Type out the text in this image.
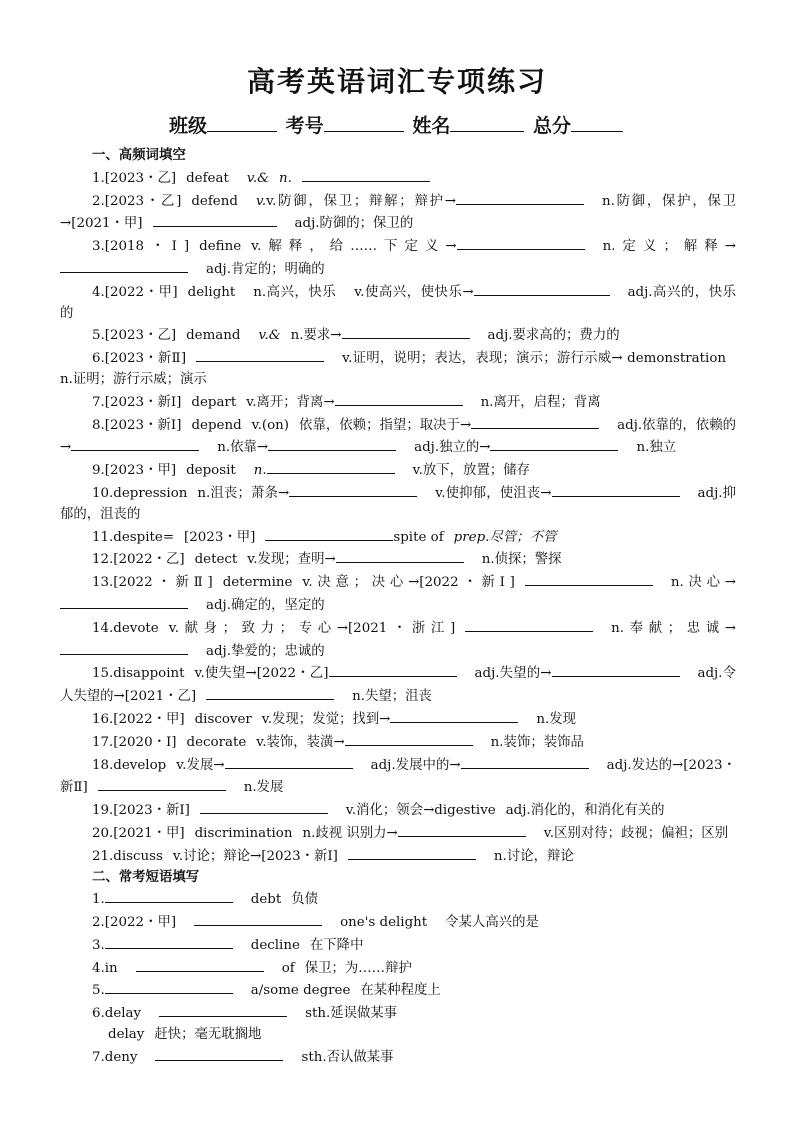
高考英语词汇专项练习
班级	考号	姓名	总分
一、高频词填空
1.[2023・乙] defeat v.& n.
2.[2023・乙] defend v.v.防御，保卫；辩解；辩护→	n.防御，保护，保卫→[2021・甲]	adj.防御的；保卫的
3.[2018・Ⅰ] define v.解释，给……下定义→	n.定义；解释→adj.肯定的；明确的
4.[2022・甲] delight n.高兴，快乐 v.使高兴，使快乐→	adj.高兴的，快乐的
5.[2023・乙] demand v.& n.要求→	adj.要求高的；费力的
6.[2023・新Ⅱ]	v.证明，说明；表达，表现；演示；游行示威→ demonstrationn.证明；游行示威；演示
7.[2023・新Ⅰ] depart v.离开；背离→	n.离开，启程；背离
8.[2023・新Ⅰ] depend v.(on) 依靠，依赖；指望；取决于→	adj.依靠的，依赖的→	n.依靠→	adj.独立的→	n.独立
9.[2023・甲] deposit n.	v.放下，放置；储存
10.depression n.沮丧；萧条→	v.使抑郁，使沮丧→	adj.抑郁的，沮丧的
11.despite= [2023・甲]	spite of prep.尽管；不管
12.[2022・乙] detect v.发现；查明→	n.侦探；警探
13.[2022・新Ⅱ] determine v.决意；决心→[2022・新Ⅰ]	n.决心→adj.确定的，坚定的
14.devote v.献身；致力；专心→[2021・浙江]	n.奉献；忠诚→adj.挚爱的；忠诚的
15.disappoint v.使失望→[2022・乙]	adj.失望的→	adj.令人失望的→[2021・乙]	n.失望；沮丧
16.[2022・甲] discover v.发现；发觉；找到→	n.发现
17.[2020・Ⅰ] decorate v.装饰，装潢→	n.装饰；装饰品
18.develop v.发展→	adj.发展中的→	adj.发达的→[2023・新Ⅱ]	n.发展
19.[2023・新Ⅰ]	v.消化；领会→digestive adj.消化的，和消化有关的
20.[2021・甲] discrimination n.歧视 识别力→	v.区别对待；歧视；偏袒；区别
21.discuss v.讨论；辩论→[2023・新Ⅰ]	n.讨论，辩论
二、常考短语填写
1.	debt 负债
2.[2022・甲]	one's delight 令某人高兴的是
3.	decline 在下降中
4.in	of 保卫；为……辩护
5.	a/some degree 在某种程度上
6.delay	sth.延误做某事
delay 赶快；毫无耽搁地
7.deny	sth.否认做某事
